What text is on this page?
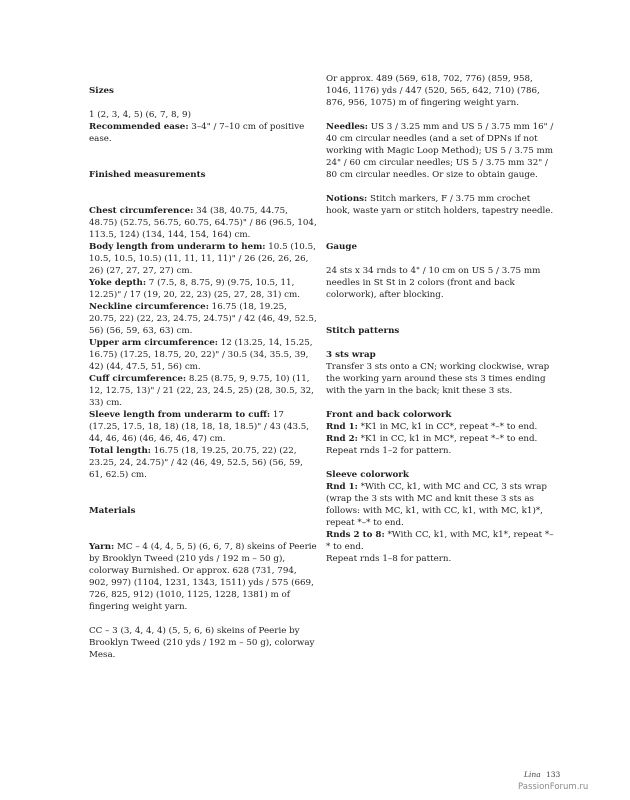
Sizes

1 (2, 3, 4, 5) (6, 7, 8, 9)

Recommended ease: 3–4" / 7–10 cm of positive ease.

Finished measurements

Chest circumference: 34 (38, 40.75, 44.75, 48.75) (52.75, 56.75, 60.75, 64.75)" / 86 (96.5, 104, 113.5, 124) (134, 144, 154, 164) cm.

Body length from underarm to hem: 10.5 (10.5, 10.5, 10.5, 10.5) (11, 11, 11, 11)" / 26 (26, 26, 26, 26) (27, 27, 27, 27) cm.

Yoke depth: 7 (7.5, 8, 8.75, 9) (9.75, 10.5, 11, 12.25)" / 17 (19, 20, 22, 23) (25, 27, 28, 31) cm.

Neckline circumference: 16.75 (18, 19.25, 20.75, 22) (22, 23, 24.75, 24.75)" / 42 (46, 49, 52.5, 56) (56, 59, 63, 63) cm.

Upper arm circumference: 12 (13.25, 14, 15.25, 16.75) (17.25, 18.75, 20, 22)" / 30.5 (34, 35.5, 39, 42) (44, 47.5, 51, 56) cm.

Cuff circumference: 8.25 (8.75, 9, 9.75, 10) (11, 12, 12.75, 13)" / 21 (22, 23, 24.5, 25) (28, 30.5, 32, 33) cm.

Sleeve length from underarm to cuff: 17 (17.25, 17.5, 18, 18) (18, 18, 18, 18.5)" / 43 (43.5, 44, 46, 46) (46, 46, 46, 47) cm.

Total length: 16.75 (18, 19.25, 20.75, 22) (22, 23.25, 24, 24.75)" / 42 (46, 49, 52.5, 56) (56, 59, 61, 62.5) cm.

Materials

Yarn: MC – 4 (4, 4, 5, 5) (6, 6, 7, 8) skeins of Peerie by Brooklyn Tweed (210 yds / 192 m – 50 g), colorway Burnished. Or approx. 628 (731, 794, 902, 997) (1104, 1231, 1343, 1511) yds / 575 (669, 726, 825, 912) (1010, 1125, 1228, 1381) m of fingering weight yarn.

CC – 3 (3, 4, 4, 4) (5, 5, 6, 6) skeins of Peerie by Brooklyn Tweed (210 yds / 192 m – 50 g), colorway Mesa.

Or approx. 489 (569, 618, 702, 776) (859, 958, 1046, 1176) yds / 447 (520, 565, 642, 710) (786, 876, 956, 1075) m of fingering weight yarn.

Needles: US 3 / 3.25 mm and US 5 / 3.75 mm 16" / 40 cm circular needles (and a set of DPNs if not working with Magic Loop Method); US 5 / 3.75 mm 24" / 60 cm circular needles; US 5 / 3.75 mm 32" / 80 cm circular needles. Or size to obtain gauge.

Notions: Stitch markers, F / 3.75 mm crochet hook, waste yarn or stitch holders, tapestry needle.

Gauge

24 sts x 34 rnds to 4" / 10 cm on US 5 / 3.75 mm needles in St St in 2 colors (front and back colorwork), after blocking.

Stitch patterns
3 sts wrap

Transfer 3 sts onto a CN; working clockwise, wrap the working yarn around these sts 3 times ending with the yarn in the back; knit these 3 sts.

Front and back colorwork

Rnd 1: *K1 in MC, k1 in CC*, repeat *–* to end.

Rnd 2: *K1 in CC, k1 in MC*, repeat *–* to end.

Repeat rnds 1–2 for pattern.

Sleeve colorwork

Rnd 1: *With CC, k1, with MC and CC, 3 sts wrap (wrap the 3 sts with MC and knit these 3 sts as follows: with MC, k1, with CC, k1, with MC, k1)*, repeat *–* to end.

Rnds 2 to 8: *With CC, k1, with MC, k1*, repeat *–* to end.

Repeat rnds 1–8 for pattern.

Lina 133
PassionForum.ru
